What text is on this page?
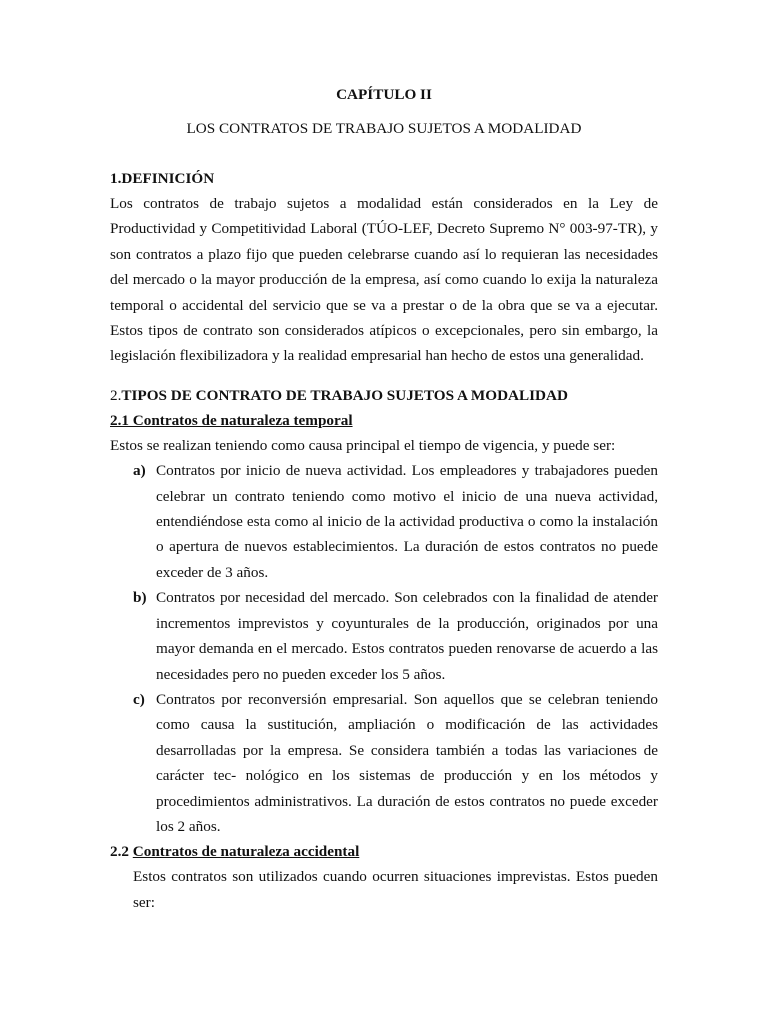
CAPÍTULO II

LOS CONTRATOS DE TRABAJO SUJETOS A MODALIDAD

1.DEFINICIÓN

Los contratos de trabajo sujetos a modalidad están considerados en la Ley de Productividad y Competitividad Laboral (TÚO-LEF, Decreto Supremo N° 003-97-TR), y son contratos a plazo fijo que pueden celebrarse cuando así lo requieran las necesidades del mercado o la mayor producción de la empresa, así como cuando lo exija la naturaleza temporal o accidental del servicio que se va a prestar o de la obra que se va a ejecutar.

Estos tipos de contrato son considerados atípicos o excepcionales, pero sin embargo, la legislación flexibilizadora y la realidad empresarial han hecho de estos una generalidad.

2.TIPOS DE CONTRATO DE TRABAJO SUJETOS A MODALIDAD

2.1 Contratos de naturaleza temporal

Estos se realizan teniendo como causa principal el tiempo de vigencia, y puede ser:

a) Contratos por inicio de nueva actividad. Los empleadores y trabajadores pueden celebrar un contrato teniendo como motivo el inicio de una nueva actividad, entendiéndose esta como al inicio de la actividad productiva o como la instalación o apertura de nuevos establecimientos. La duración de estos contratos no puede exceder de 3 años.
b) Contratos por necesidad del mercado. Son celebrados con la finalidad de atender incrementos imprevistos y coyunturales de la producción, originados por una mayor demanda en el mercado. Estos contratos pueden renovarse de acuerdo a las necesidades pero no pueden exceder los 5 años.
c) Contratos por reconversión empresarial. Son aquellos que se celebran teniendo como causa la sustitución, ampliación o modificación de las actividades desarrolladas por la empresa. Se considera también a todas las variaciones de carácter tec- nológico en los sistemas de producción y en los métodos y procedimientos administrativos. La duración de estos contratos no puede exceder los 2 años.

2.2 Contratos de naturaleza accidental

Estos contratos son utilizados cuando ocurren situaciones imprevistas. Estos pueden ser:
